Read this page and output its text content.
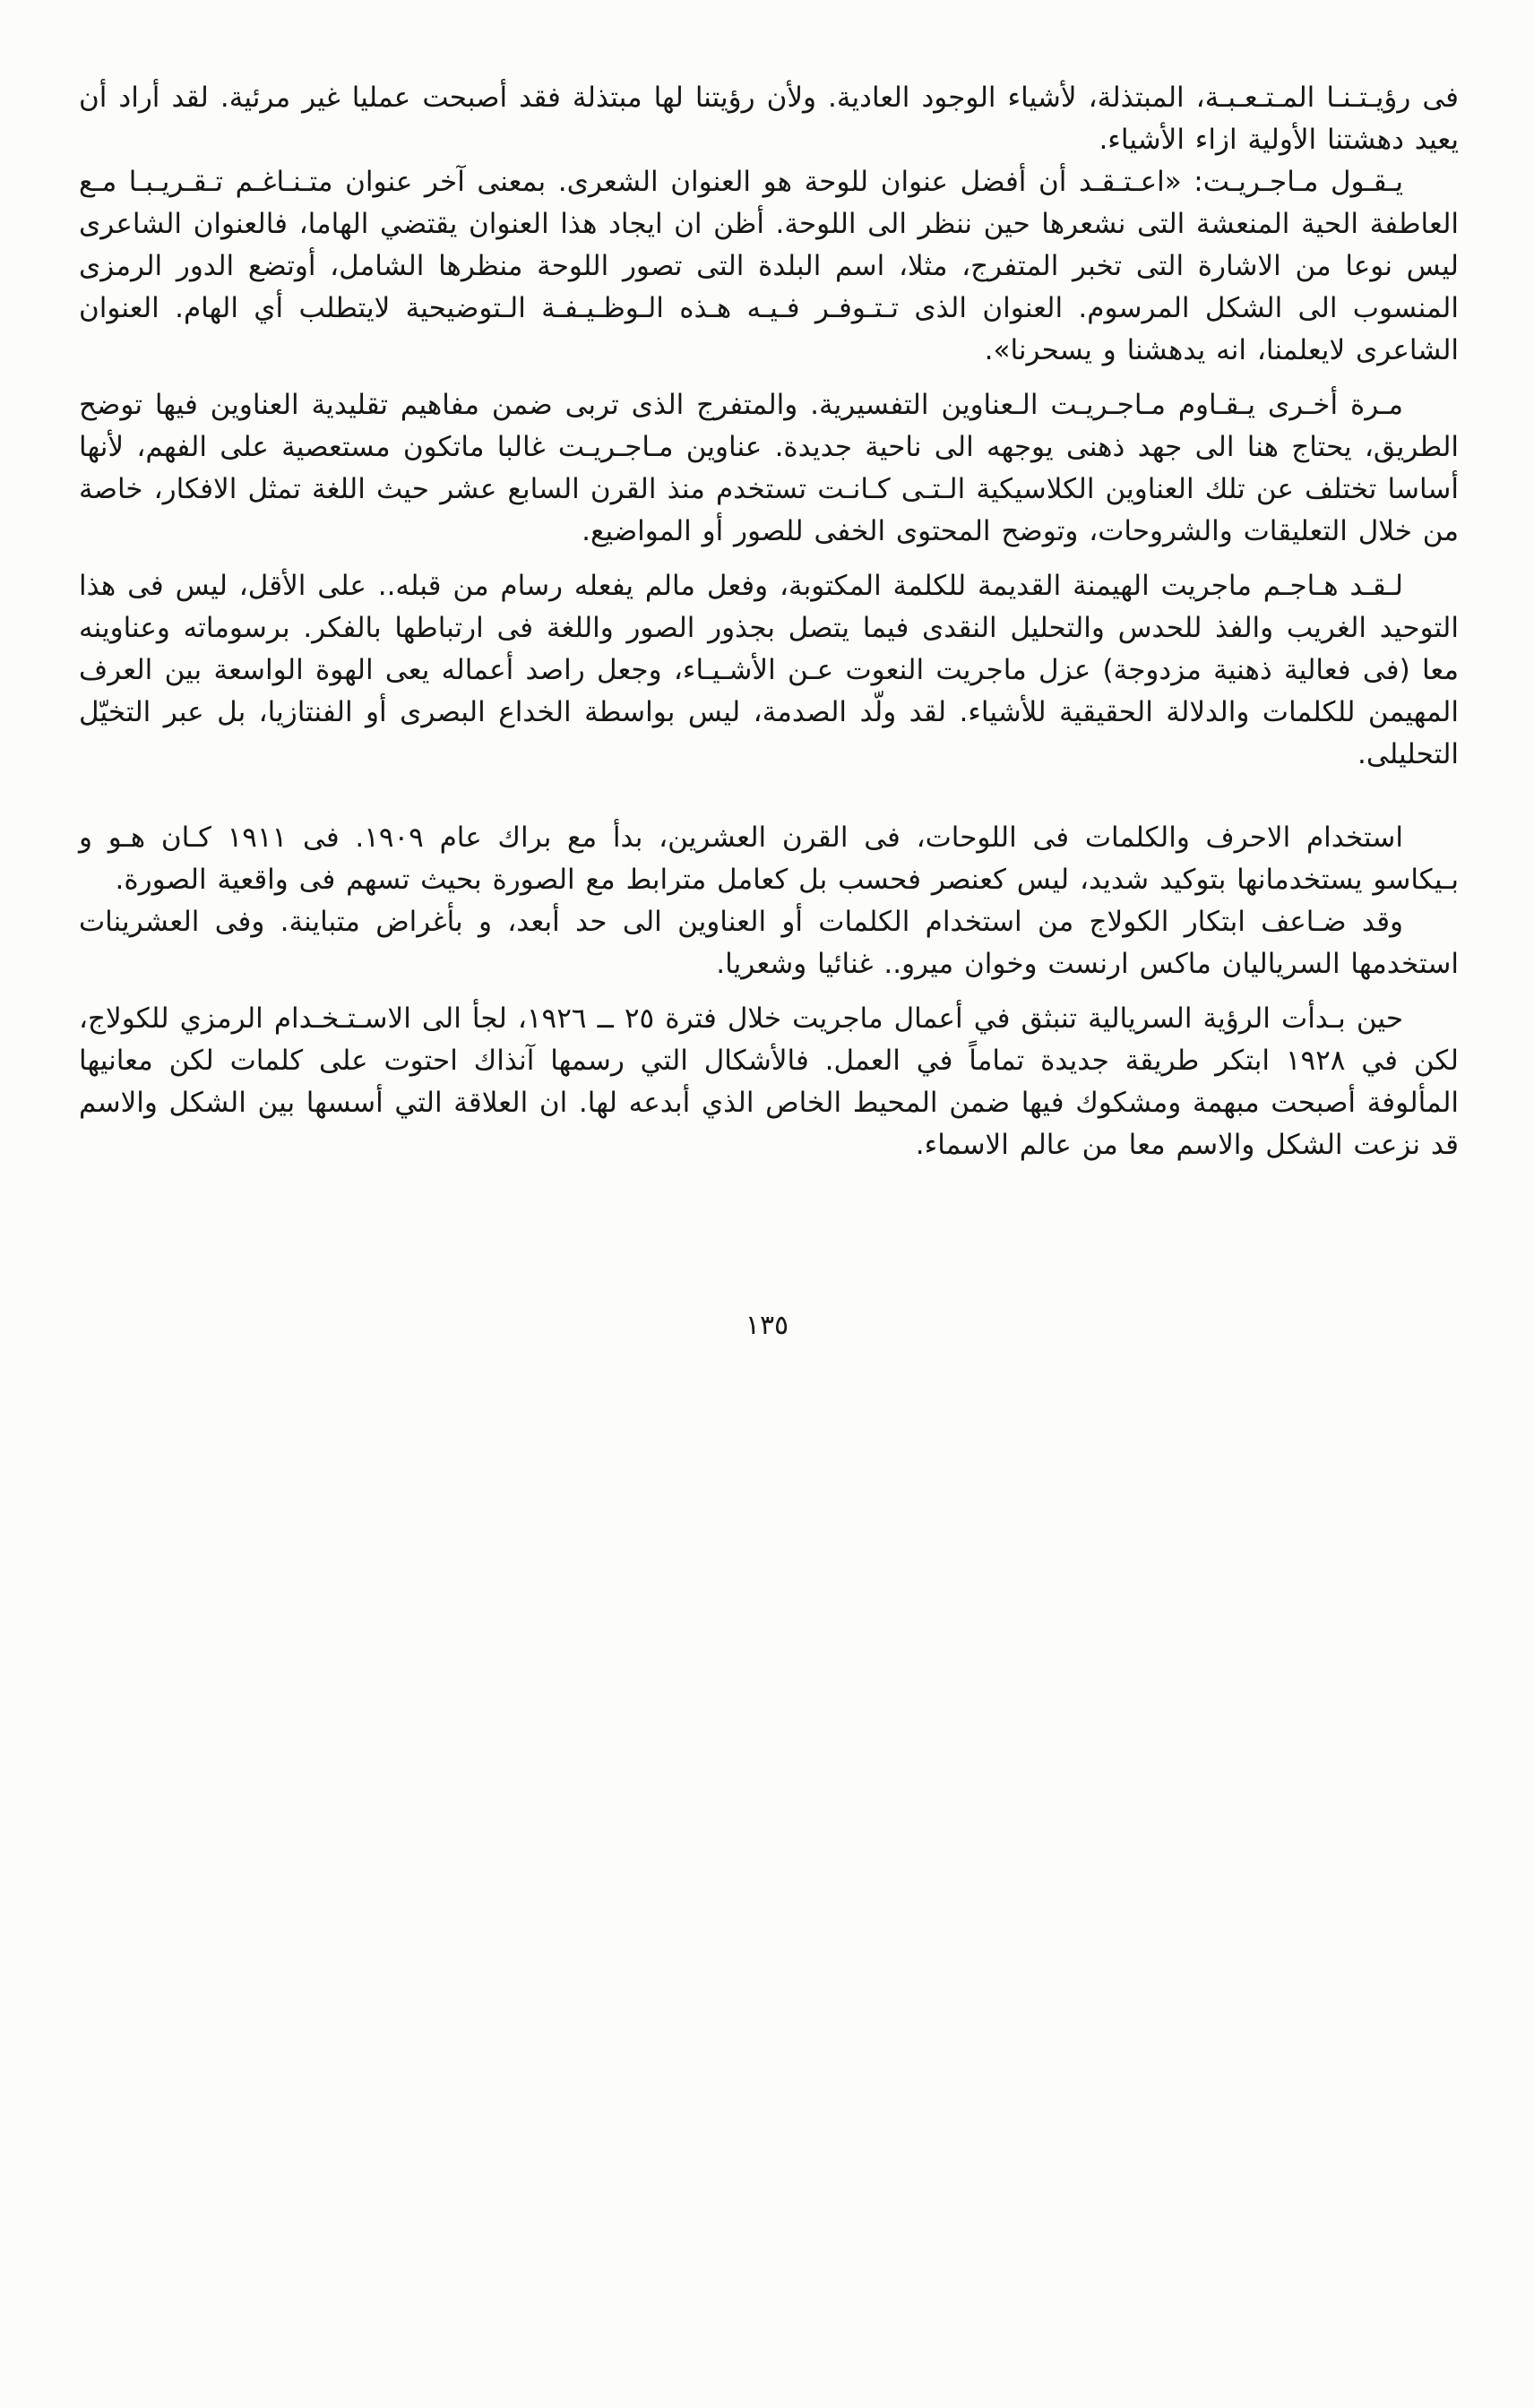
فى رؤيـتـنـا المـتـعـبـة، المبتذلة، لأشياء الوجود العادية. ولأن رؤيتنا لها مبتذلة فقد أصبحت عمليا غير مرئية. لقد أراد أن يعيد دهشتنا الأولية ازاء الأشياء.

يـقـول مـاجـريـت: «اعـتـقـد أن أفضل عنوان للوحة هو العنوان الشعرى. بمعنى آخر عنوان متـنـاغـم تـقـريـبـا مـع العاطفة الحية المنعشة التى نشعرها حين ننظر الى اللوحة. أظن ان ايجاد هذا العنوان يقتضي الهاما، فالعنوان الشاعرى ليس نوعا من الاشارة التى تخبر المتفرج، مثلا، اسم البلدة التى تصور اللوحة منظرها الشامل، أوتضع الدور الرمزى المنسوب الى الشكل المرسوم. العنوان الذى تـتـوفـر فـيـه هـذه الـوظـيـفـة الـتوضيحية لايتطلب أي الهام. العنوان الشاعرى لايعلمنا، انه يدهشنا و يسحرنا».

مـرة أخـرى يـقـاوم مـاجـريـت الـعناوين التفسيرية. والمتفرج الذى تربى ضمن مفاهيم تقليدية العناوين فيها توضح الطريق، يحتاج هنا الى جهد ذهنى يوجهه الى ناحية جديدة. عناوين مـاجـريـت غالبا ماتكون مستعصية على الفهم، لأنها أساسا تختلف عن تلك العناوين الكلاسيكية الـتـى كـانـت تستخدم منذ القرن السابع عشر حيث اللغة تمثل الافكار، خاصة من خلال التعليقات والشروحات، وتوضح المحتوى الخفى للصور أو المواضيع.

لـقـد هـاجـم ماجريت الهيمنة القديمة للكلمة المكتوبة، وفعل مالم يفعله رسام من قبله.. على الأقل، ليس فى هذا التوحيد الغريب والفذ للحدس والتحليل النقدى فيما يتصل بجذور الصور واللغة فى ارتباطها بالفكر. برسوماته وعناوينه معا (فى فعالية ذهنية مزدوجة) عزل ماجريت النعوت عـن الأشـيـاء، وجعل راصد أعماله يعى الهوة الواسعة بين العرف المهيمن للكلمات والدلالة الحقيقية للأشياء. لقد ولّد الصدمة، ليس بواسطة الخداع البصرى أو الفنتازيا، بل عبر التخيّل التحليلى.

استخدام الاحرف والكلمات فى اللوحات، فى القرن العشرين، بدأ مع براك عام ١٩٠٩. فى ١٩١١ كـان هـو و بـيكاسو يستخدمانها بتوكيد شديد، ليس كعنصر فحسب بل كعامل مترابط مع الصورة بحيث تسهم فى واقعية الصورة.

وقد ضـاعف ابتكار الكولاج من استخدام الكلمات أو العناوين الى حد أبعد، و بأغراض متباينة. وفى العشرينات استخدمها السرياليان ماكس ارنست وخوان ميرو.. غنائيا وشعريا.

حين بـدأت الرؤية السريالية تنبثق في أعمال ماجريت خلال فترة ٢٥ ــ ١٩٢٦، لجأ الى الاسـتـخـدام الرمزي للكولاج، لكن في ١٩٢٨ ابتكر طريقة جديدة تماماً في العمل. فالأشكال التي رسمها آنذاك احتوت على كلمات لكن معانيها المألوفة أصبحت مبهمة ومشكوك فيها ضمن المحيط الخاص الذي أبدعه لها. ان العلاقة التي أسسها بين الشكل والاسم قد نزعت الشكل والاسم معا من عالم الاسماء.

١٣٥
